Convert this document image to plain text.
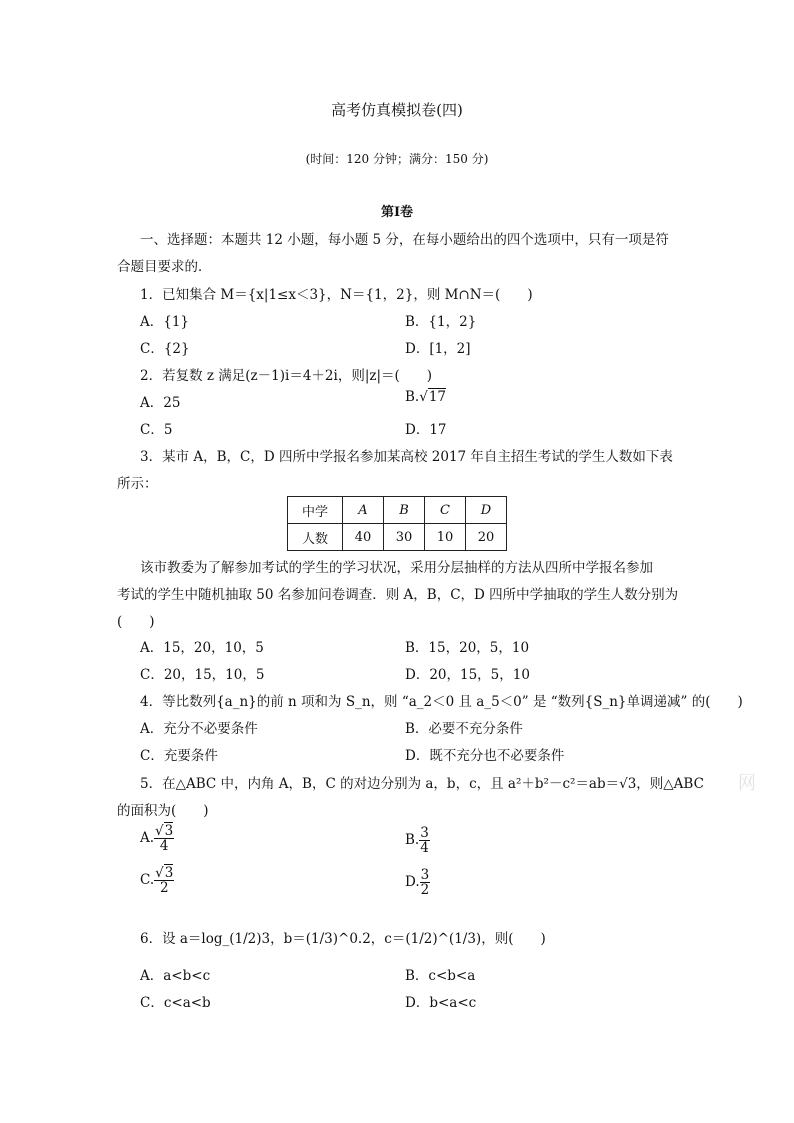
高考仿真模拟卷(四)
(时间：120 分钟；满分：150 分)
第Ⅰ卷
一、选择题：本题共 12 小题，每小题 5 分，在每小题给出的四个选项中，只有一项是符
合题目要求的．
1．已知集合 M＝{x|1≤x＜3}，N＝{1，2}，则 M∩N＝(　　)
A．{1}	B．{1，2}
C．{2}	D．[1，2]
2．若复数 z 满足(z－1)i＝4＋2i，则|z|＝(　　)
A．25	B.√17
C．5	D．17
3．某市 A，B，C，D 四所中学报名参加某高校 2017 年自主招生考试的学生人数如下表
所示：
中学	A	B	C	D
人数	40	30	10	20
该市教委为了解参加考试的学生的学习状况，采用分层抽样的方法从四所中学报名参加
考试的学生中随机抽取 50 名参加问卷调查．则 A，B，C，D 四所中学抽取的学生人数分别为
(　　)
A．15，20，10，5	B．15，20，5，10
C．20，15，10，5	D．20，15，5，10
4．等比数列{a_n}的前 n 项和为 S_n，则 “a_2＜0 且 a_5＜0” 是 “数列{S_n}单调递减” 的(　　)
A．充分不必要条件	B．必要不充分条件
C．充要条件	D．既不充分也不必要条件
5．在△ABC 中，内角 A，B，C 的对边分别为 a，b，c，且 a²＋b²－c²＝ab＝√3，则△ABC 网
的面积为(　　)
A. $\frac{√3}{4}$	B. $\frac{3}{4}$
C. $\frac{√3}{2}$	D. $\frac{3}{2}$
6．设 a＝log_(1/2)3，b＝(1/3)^0.2，c＝(1/2)^(1/3)，则(　　)
A．a<b<c	B．c<b<a
C．c<a<b	D．b<a<c
